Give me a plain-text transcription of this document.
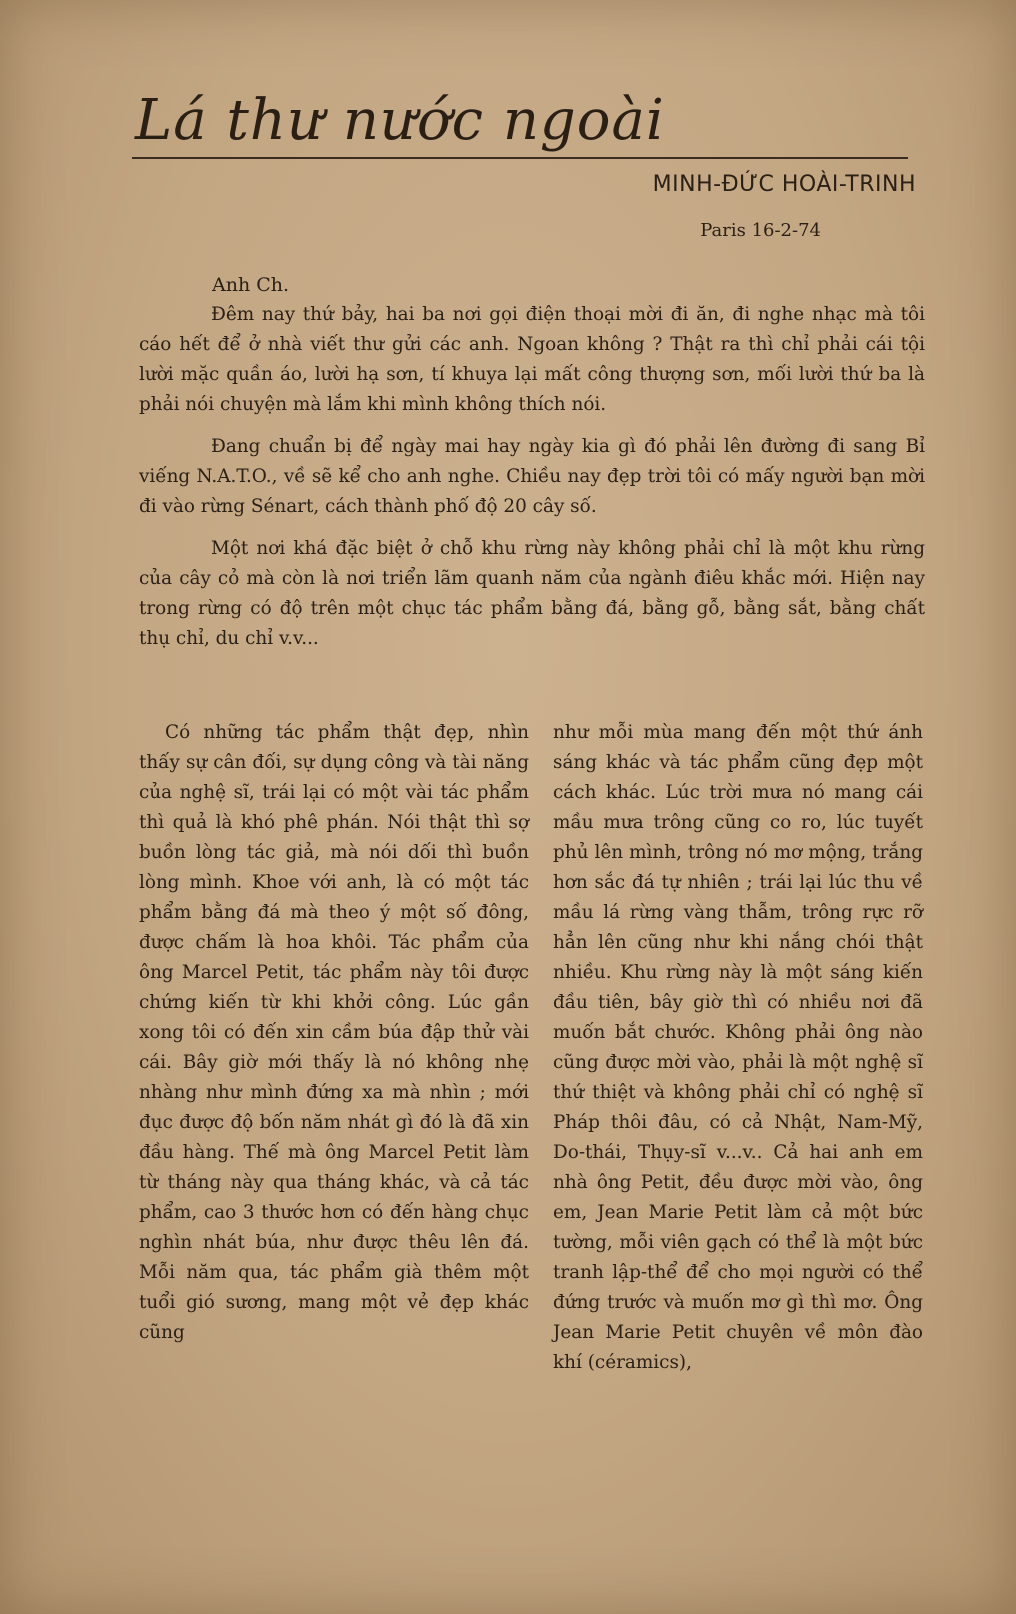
Lá thư nước ngoài
MINH-ĐỨC HOÀI-TRINH
Paris 16-2-74
Anh Ch.

Đêm nay thứ bảy, hai ba nơi gọi điện thoại mời đi ăn, đi nghe nhạc mà tôi cáo hết để ở nhà viết thư gửi các anh. Ngoan không ? Thật ra thì chỉ phải cái tội lười mặc quần áo, lười hạ sơn, tí khuya lại mất công thượng sơn, mối lười thứ ba là phải nói chuyện mà lắm khi mình không thích nói.

Đang chuẩn bị để ngày mai hay ngày kia gì đó phải lên đường đi sang Bỉ viếng N.A.T.O., về sẽ kể cho anh nghe. Chiều nay đẹp trời tôi có mấy người bạn mời đi vào rừng Sénart, cách thành phố độ 20 cây số.

Một nơi khá đặc biệt ở chỗ khu rừng này không phải chỉ là một khu rừng của cây cỏ mà còn là nơi triển lãm quanh năm của ngành điêu khắc mới. Hiện nay trong rừng có độ trên một chục tác phẩm bằng đá, bằng gỗ, bằng sắt, bằng chất thụ chỉ, du chỉ v.v...

Có những tác phẩm thật đẹp, nhìn thấy sự cân đối, sự dụng công và tài năng của nghệ sĩ, trái lại có một vài tác phẩm thì quả là khó phê phán. Nói thật thì sợ buồn lòng tác giả, mà nói dối thì buồn lòng mình. Khoe với anh, là có một tác phẩm bằng đá mà theo ý một số đông, được chấm là hoa khôi. Tác phẩm của ông Marcel Petit, tác phẩm này tôi được chứng kiến từ khi khởi công. Lúc gần xong tôi có đến xin cầm búa đập thử vài cái. Bây giờ mới thấy là nó không nhẹ nhàng như mình đứng xa mà nhìn ; mới đục được độ bốn năm nhát gì đó là đã xin đầu hàng. Thế mà ông Marcel Petit làm từ tháng này qua tháng khác, và cả tác phẩm, cao 3 thước hơn có đến hàng chục nghìn nhát búa, như được thêu lên đá. Mỗi năm qua, tác phẩm già thêm một tuổi gió sương, mang một vẻ đẹp khác cũng

như mỗi mùa mang đến một thứ ánh sáng khác và tác phẩm cũng đẹp một cách khác. Lúc trời mưa nó mang cái mầu mưa trông cũng co ro, lúc tuyết phủ lên mình, trông nó mơ mộng, trắng hơn sắc đá tự nhiên ; trái lại lúc thu về mầu lá rừng vàng thẫm, trông rực rỡ hẳn lên cũng như khi nắng chói thật nhiều. Khu rừng này là một sáng kiến đầu tiên, bây giờ thì có nhiều nơi đã muốn bắt chước. Không phải ông nào cũng được mời vào, phải là một nghệ sĩ thứ thiệt và không phải chỉ có nghệ sĩ Pháp thôi đâu, có cả Nhật, Nam-Mỹ, Do-thái, Thụy-sĩ v...v.. Cả hai anh em nhà ông Petit, đều được mời vào, ông em, Jean Marie Petit làm cả một bức tường, mỗi viên gạch có thể là một bức tranh lập-thể để cho mọi người có thể đứng trước và muốn mơ gì thì mơ. Ông Jean Marie Petit chuyên về môn đào khí (céramics),
